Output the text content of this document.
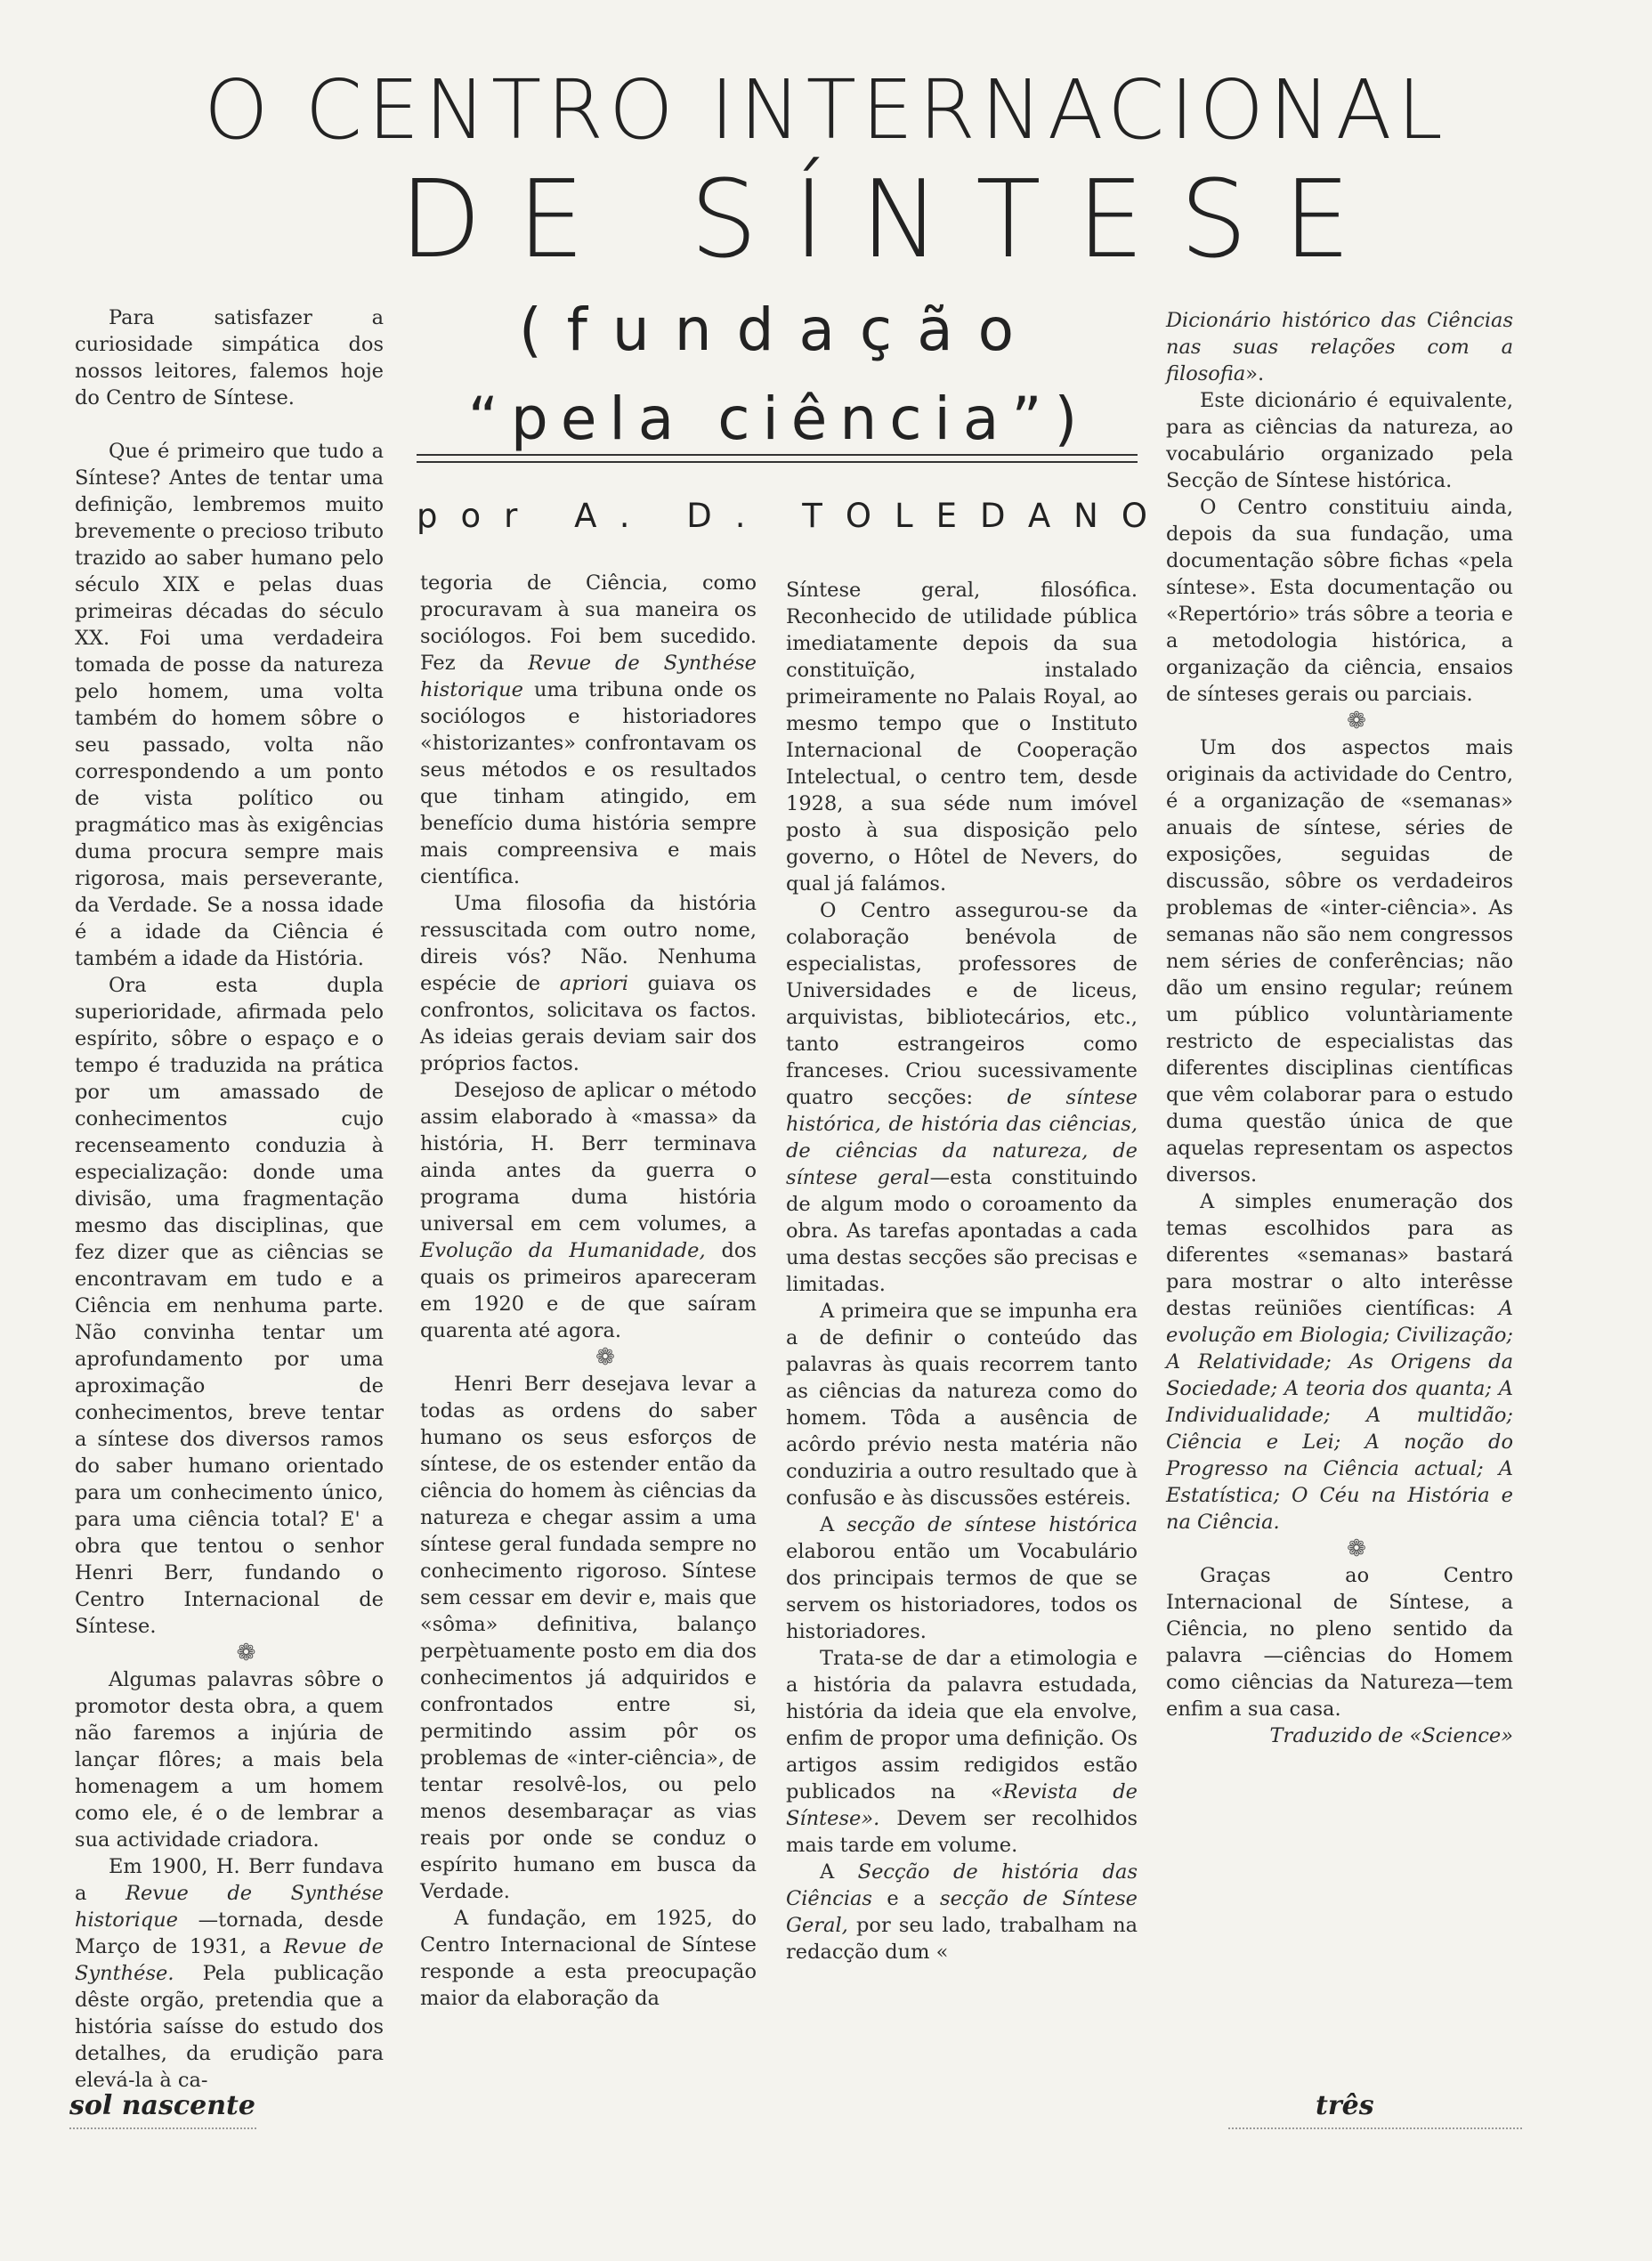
O CENTRO INTERNACIONAL
DE SÍNTESE
(fundação
“pela ciência”)
por A. D. TOLEDANO

Para satisfazer a curiosidade simpática dos nossos leitores, falemos hoje do Centro de Síntese.

Que é primeiro que tudo a Síntese? Antes de tentar uma definição, lembremos muito brevemente o precioso tributo trazido ao saber humano pelo século XIX e pelas duas primeiras décadas do século XX. Foi uma verdadeira tomada de posse da natureza pelo homem, uma volta também do homem sôbre o seu passado, volta não correspondendo a um ponto de vista político ou pragmático mas às exigências duma procura sempre mais rigorosa, mais perseverante, da Verdade. Se a nossa idade é a idade da Ciência é também a idade da História.

Ora esta dupla superioridade, afirmada pelo espírito, sôbre o espaço e o tempo é traduzida na prática por um amassado de conhecimentos cujo recenseamento conduzia à especialização: donde uma divisão, uma fragmentação mesmo das disciplinas, que fez dizer que as ciências se encontravam em tudo e a Ciência em nenhuma parte. Não convinha tentar um aprofundamento por uma aproximação de conhecimentos, breve tentar a síntese dos diversos ramos do saber humano orientado para um conhecimento único, para uma ciência total? E' a obra que tentou o senhor Henri Berr, fundando o Centro Internacional de Síntese.

❁

Algumas palavras sôbre o promotor desta obra, a quem não faremos a injúria de lançar flôres; a mais bela homenagem a um homem como ele, é o de lembrar a sua actividade criadora.

Em 1900, H. Berr fundava a Revue de Synthése historique —tornada, desde Março de 1931, a Revue de Synthése. Pela publicação dêste orgão, pretendia que a história saísse do estudo dos detalhes, da erudição para elevá-la à ca-

tegoria de Ciência, como procuravam à sua maneira os sociólogos. Foi bem sucedido. Fez da Revue de Synthése historique uma tribuna onde os sociólogos e historiadores «historizantes» confrontavam os seus métodos e os resultados que tinham atingido, em benefício duma história sempre mais compreensiva e mais científica.

Uma filosofia da história ressuscitada com outro nome, direis vós? Não. Nenhuma espécie de apriori guiava os confrontos, solicitava os factos. As ideias gerais deviam sair dos próprios factos.

Desejoso de aplicar o método assim elaborado à «massa» da história, H. Berr terminava ainda antes da guerra o programa duma história universal em cem volumes, a Evolução da Humanidade, dos quais os primeiros apareceram em 1920 e de que saíram quarenta até agora.

❁

Henri Berr desejava levar a todas as ordens do saber humano os seus esforços de síntese, de os estender então da ciência do homem às ciências da natureza e chegar assim a uma síntese geral fundada sempre no conhecimento rigoroso. Síntese sem cessar em devir e, mais que «sôma» definitiva, balanço perpètuamente posto em dia dos conhecimentos já adquiridos e confrontados entre si, permitindo assim pôr os problemas de «inter-ciência», de tentar resolvê-los, ou pelo menos desembaraçar as vias reais por onde se conduz o espírito humano em busca da Verdade.

A fundação, em 1925, do Centro Internacional de Síntese responde a esta preocupação maior da elaboração da

Síntese geral, filosófica. Reconhecido de utilidade pública imediatamente depois da sua constituïção, instalado primeiramente no Palais Royal, ao mesmo tempo que o Instituto Internacional de Cooperação Intelectual, o centro tem, desde 1928, a sua séde num imóvel posto à sua disposição pelo governo, o Hôtel de Nevers, do qual já falámos.

O Centro assegurou-se da colaboração benévola de especialistas, professores de Universidades e de liceus, arquivistas, bibliotecários, etc., tanto estrangeiros como franceses. Criou sucessivamente quatro secções: de síntese histórica, de história das ciências, de ciências da natureza, de síntese geral—esta constituindo de algum modo o coroamento da obra. As tarefas apontadas a cada uma destas secções são precisas e limitadas.

A primeira que se impunha era a de definir o conteúdo das palavras às quais recorrem tanto as ciências da natureza como do homem. Tôda a ausência de acôrdo prévio nesta matéria não conduziria a outro resultado que à confusão e às discussões estéreis.

A secção de síntese histórica elaborou então um Vocabulário dos principais termos de que se servem os historiadores, todos os historiadores.

Trata-se de dar a etimologia e a história da palavra estudada, história da ideia que ela envolve, enfim de propor uma definição. Os artigos assim redigidos estão publicados na «Revista de Síntese». Devem ser recolhidos mais tarde em volume.

A Secção de história das Ciências e a secção de Síntese Geral, por seu lado, trabalham na redacção dum «

Dicionário histórico das Ciências nas suas relações com a filosofia».

Este dicionário é equivalente, para as ciências da natureza, ao vocabulário organizado pela Secção de Síntese histórica.

O Centro constituiu ainda, depois da sua fundação, uma documentação sôbre fichas «pela síntese». Esta documentação ou «Repertório» trás sôbre a teoria e a metodologia histórica, a organização da ciência, ensaios de sínteses gerais ou parciais.

❁

Um dos aspectos mais originais da actividade do Centro, é a organização de «semanas» anuais de síntese, séries de exposições, seguidas de discussão, sôbre os verdadeiros problemas de «inter-ciência». As semanas não são nem congressos nem séries de conferências; não dão um ensino regular; reúnem um público voluntàriamente restricto de especialistas das diferentes disciplinas científicas que vêm colaborar para o estudo duma questão única de que aquelas representam os aspectos diversos.

A simples enumeração dos temas escolhidos para as diferentes «semanas» bastará para mostrar o alto interêsse destas reüniões científicas: A evolução em Biologia; Civilização; A Relatividade; As Origens da Sociedade; A teoria dos quanta; A Individualidade; A multidão; Ciência e Lei; A noção do Progresso na Ciência actual; A Estatística; O Céu na História e na Ciência.

❁

Graças ao Centro Internacional de Síntese, a Ciência, no pleno sentido da palavra —ciências do Homem como ciências da Natureza—tem enfim a sua casa.

Traduzido de «Science»

sol nascente	três
